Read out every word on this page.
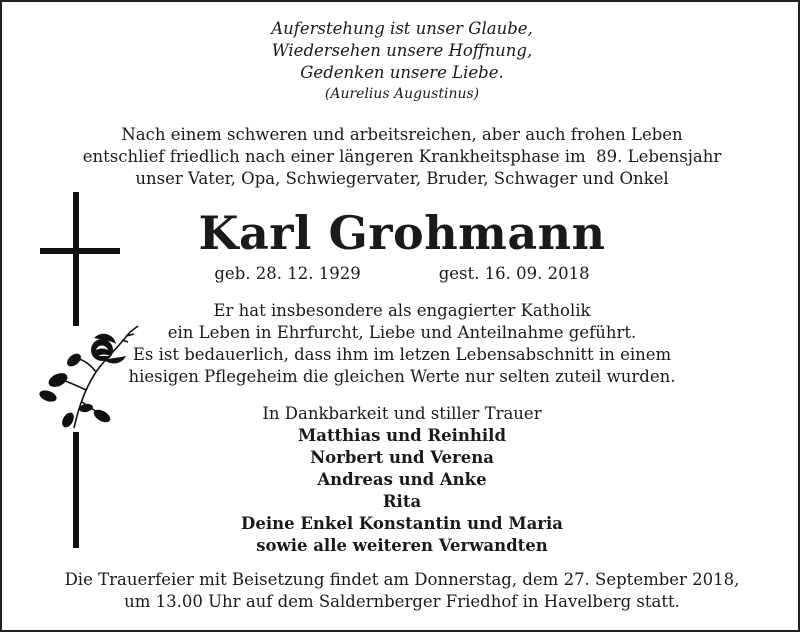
Auferstehung ist unser Glaube,
Wiedersehen unsere Hoffnung,
Gedenken unsere Liebe.
(Aurelius Augustinus)
Nach einem schweren und arbeitsreichen, aber auch frohen Leben
entschlief friedlich nach einer längeren Krankheitsphase im  89. Lebensjahr
unser Vater, Opa, Schwiegervater, Bruder, Schwager und Onkel
Karl Grohmann
geb. 28. 12. 1929	gest. 16. 09. 2018
Er hat insbesondere als engagierter Katholik
ein Leben in Ehrfurcht, Liebe und Anteilnahme geführt.
Es ist bedauerlich, dass ihm im letzen Lebensabschnitt in einem
hiesigen Pflegeheim die gleichen Werte nur selten zuteil wurden.
In Dankbarkeit und stiller Trauer
Matthias und Reinhild
Norbert und Verena
Andreas und Anke
Rita
Deine Enkel Konstantin und Maria
sowie alle weiteren Verwandten
Die Trauerfeier mit Beisetzung findet am Donnerstag, dem 27. September 2018,
um 13.00 Uhr auf dem Saldernberger Friedhof in Havelberg statt.
